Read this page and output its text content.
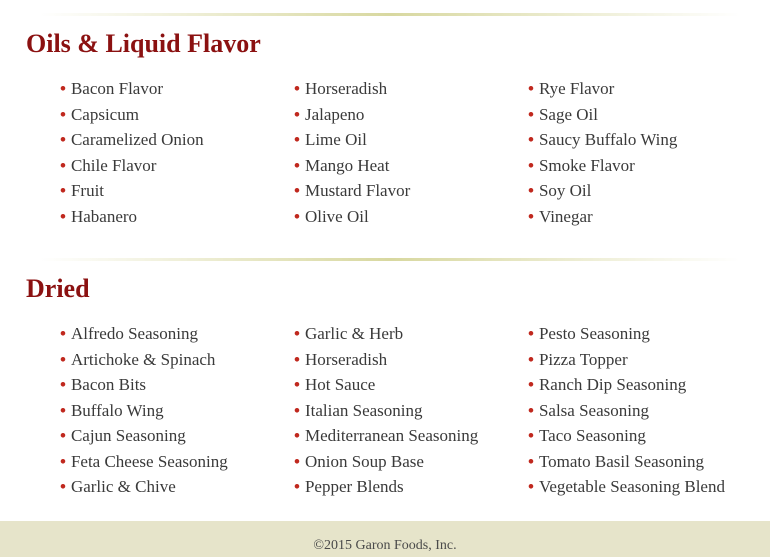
Oils & Liquid Flavor
• Bacon Flavor
• Capsicum
• Caramelized Onion
• Chile Flavor
• Fruit
• Habanero
• Horseradish
• Jalapeno
• Lime Oil
• Mango Heat
• Mustard Flavor
• Olive Oil
• Rye Flavor
• Sage Oil
• Saucy Buffalo Wing
• Smoke Flavor
• Soy Oil
• Vinegar
Dried
• Alfredo Seasoning
• Artichoke & Spinach
• Bacon Bits
• Buffalo Wing
• Cajun Seasoning
• Feta Cheese Seasoning
• Garlic & Chive
• Garlic & Herb
• Horseradish
• Hot Sauce
• Italian Seasoning
• Mediterranean Seasoning
• Onion Soup Base
• Pepper Blends
• Pesto Seasoning
• Pizza Topper
• Ranch Dip Seasoning
• Salsa Seasoning
• Taco Seasoning
• Tomato Basil Seasoning
• Vegetable Seasoning Blend
©2015 Garon Foods, Inc.
